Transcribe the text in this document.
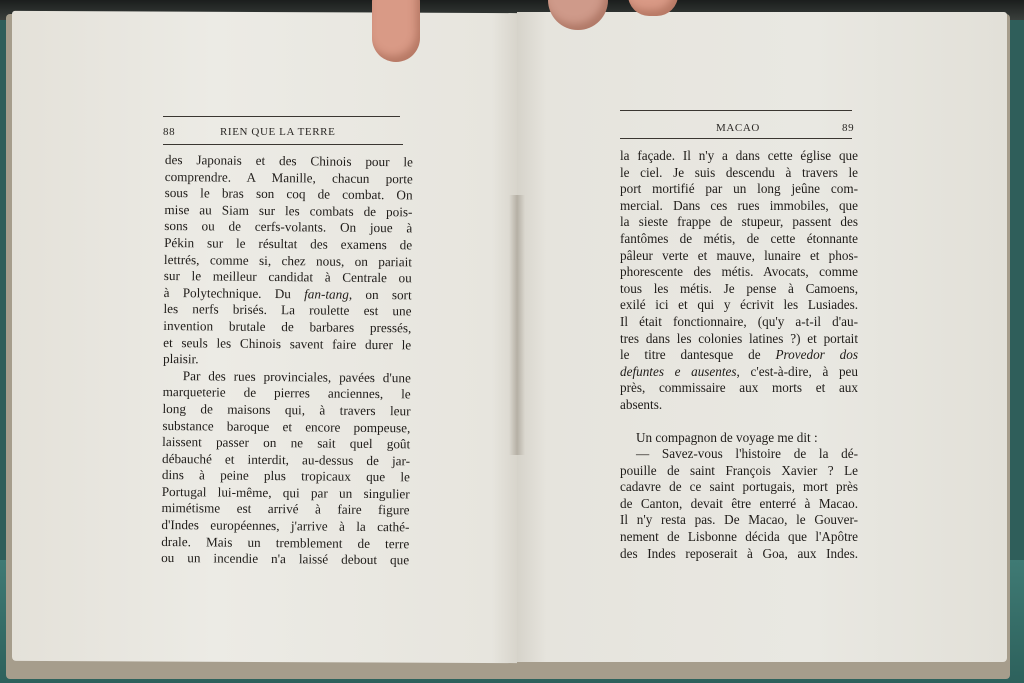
88	RIEN QUE LA TERRE	MACAO	89
des Japonais et des Chinois pour le
comprendre. A Manille, chacun porte
sous le bras son coq de combat. On
mise au Siam sur les combats de pois-
sons ou de cerfs-volants. On joue à
Pékin sur le résultat des examens de
lettrés, comme si, chez nous, on pariait
sur le meilleur candidat à Centrale ou
à Polytechnique. Du fan-tang, on sort
les nerfs brisés. La roulette est une
invention brutale de barbares pressés,
et seuls les Chinois savent faire durer le
plaisir.
Par des rues provinciales, pavées d'une
marqueterie de pierres anciennes, le
long de maisons qui, à travers leur
substance baroque et encore pompeuse,
laissent passer on ne sait quel goût
débauché et interdit, au-dessus de jar-
dins à peine plus tropicaux que le
Portugal lui-même, qui par un singulier
mimétisme est arrivé à faire figure
d'Indes européennes, j'arrive à la cathé-
drale. Mais un tremblement de terre
ou un incendie n'a laissé debout que
la façade. Il n'y a dans cette église que
le ciel. Je suis descendu à travers le
port mortifié par un long jeûne com-
mercial. Dans ces rues immobiles, que
la sieste frappe de stupeur, passent des
fantômes de métis, de cette étonnante
pâleur verte et mauve, lunaire et phos-
phorescente des métis. Avocats, comme
tous les métis. Je pense à Camoens,
exilé ici et qui y écrivit les Lusiades.
Il était fonctionnaire, (qu'y a-t-il d'au-
tres dans les colonies latines ?) et portait
le titre dantesque de Provedor dos
defuntes e ausentes, c'est-à-dire, à peu
près, commissaire aux morts et aux
absents.
Un compagnon de voyage me dit :
— Savez-vous l'histoire de la dé-
pouille de saint François Xavier ? Le
cadavre de ce saint portugais, mort près
de Canton, devait être enterré à Macao.
Il n'y resta pas. De Macao, le Gouver-
nement de Lisbonne décida que l'Apôtre
des Indes reposerait à Goa, aux Indes.
